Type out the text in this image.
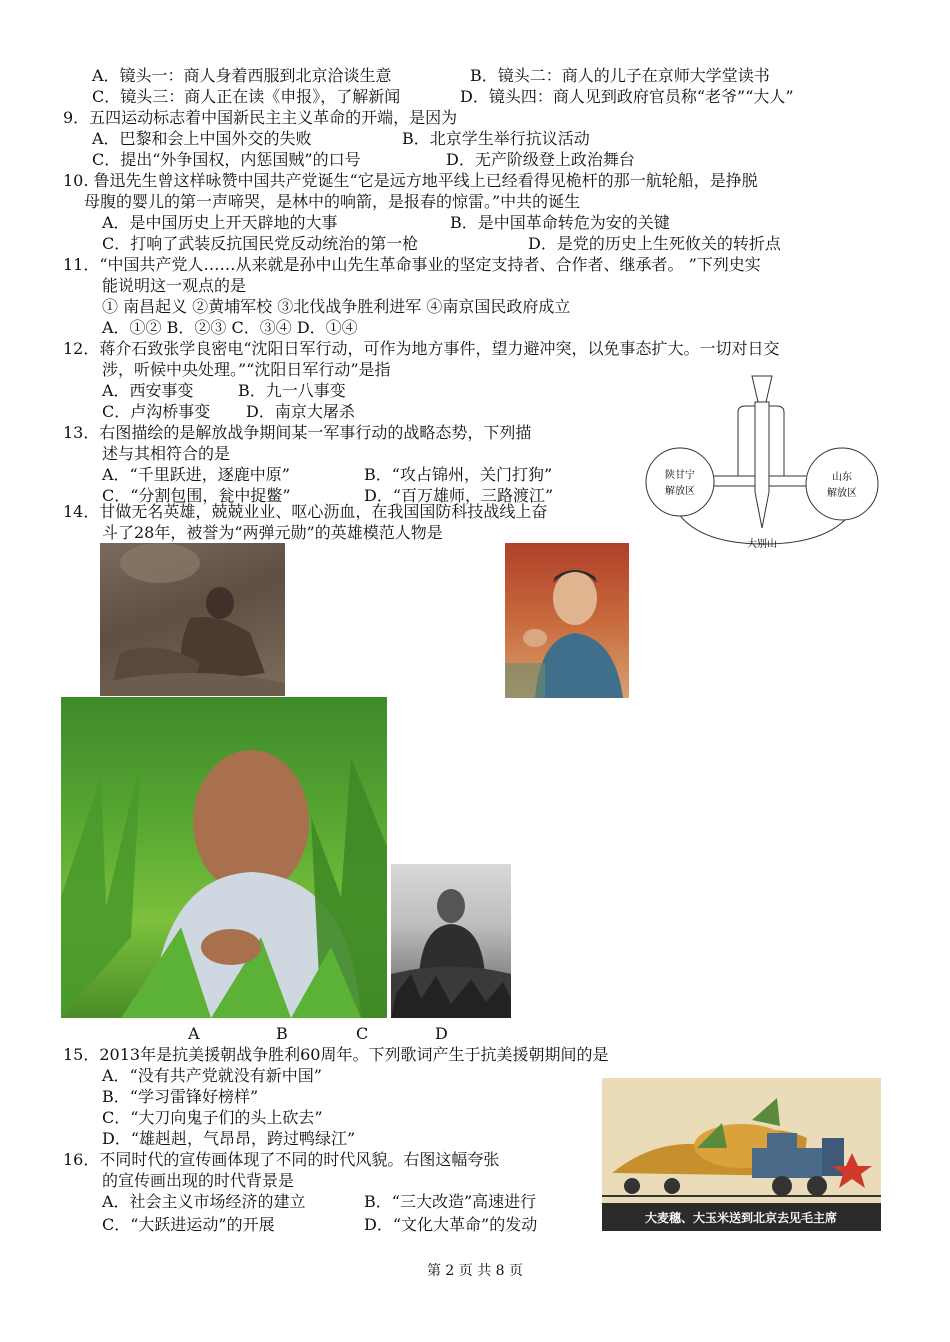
A．镜头一：商人身着西服到北京洽谈生意	B．镜头二：商人的儿子在京师大学堂读书
C．镜头三：商人正在读《申报》，了解新闻	D．镜头四：商人见到政府官员称“老爷”“大人”
9．五四运动标志着中国新民主主义革命的开端，是因为
A．巴黎和会上中国外交的失败	B．北京学生举行抗议活动
C．提出“外争国权，内惩国贼”的口号	D．无产阶级登上政治舞台
10. 鲁迅先生曾这样咏赞中国共产党诞生“它是远方地平线上已经看得见桅杆的那一航轮船，是挣脱
母腹的婴儿的第一声啼哭，是林中的响箭，是报春的惊雷。”中共的诞生
A．是中国历史上开天辟地的大事	B．是中国革命转危为安的关键
C．打响了武装反抗国民党反动统治的第一枪	D．是党的历史上生死攸关的转折点
11．“中国共产党人……从来就是孙中山先生革命事业的坚定支持者、合作者、继承者。 ”下列史实
能说明这一观点的是
① 南昌起义 ②黄埔军校 ③北伐战争胜利进军 ④南京国民政府成立
A．①② B．②③ C．③④ D．①④
12．蒋介石致张学良密电“沈阳日军行动，可作为地方事件，望力避冲突，以免事态扩大。一切对日交
涉，听候中央处理。”“沈阳日军行动”是指
A．西安事变	B．九一八事变
C．卢沟桥事变 D．南京大屠杀
13．右图描绘的是解放战争期间某一军事行动的战略态势，下列描
述与其相符合的是
A．“千里跃进，逐鹿中原”	B．“攻占锦州，关门打狗”
C．“分割包围，瓮中捉鳖”	D．“百万雄师，三路渡江”
陕甘宁
解放区
山东
解放区
大别山
14．甘做无名英雄，兢兢业业、呕心沥血，在我国国防科技战线上奋
斗了28年，被誉为“两弹元勋”的英雄模范人物是
A	B	C	D
15．2013年是抗美援朝战争胜利60周年。下列歌词产生于抗美援朝期间的是
A．“没有共产党就没有新中国”
B．“学习雷锋好榜样”
C．“大刀向鬼子们的头上砍去”
D．“雄赳赳，气昂昂，跨过鸭绿江”
16．不同时代的宣传画体现了不同的时代风貌。右图这幅夸张
的宣传画出现的时代背景是
A．社会主义市场经济的建立	B．“三大改造”高速进行
C．“大跃进运动”的开展	D．“文化大革命”的发动	大麦穗、大玉米送到北京去见毛主席
第 2 页 共 8 页
